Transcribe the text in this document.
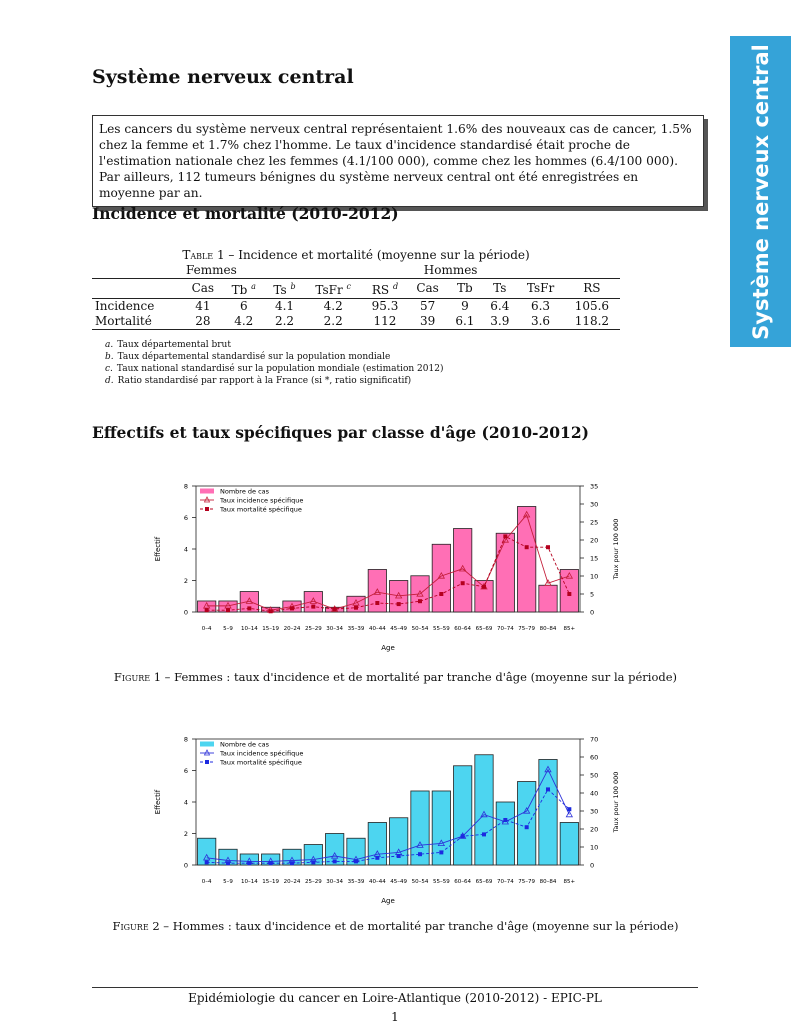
Système nerveux central
Système nerveux central

Les cancers du système nerveux central représentaient 1.6% des nouveaux cas de cancer, 1.5% chez la femme et 1.7% chez l'homme. Le taux d'incidence standardisé était proche de l'estimation nationale chez les femmes (4.1/100 000), comme chez les hommes (6.4/100 000).

Par ailleurs, 112 tumeurs bénignes du système nerveux central ont été enregistrées en moyenne par an.

Incidence et mortalité (2010-2012)
Table 1 – Incidence et mortalité (moyenne sur la période)
	Femmes					Hommes				
	Cas	Tb $^a$	Ts $^b$	TsFr $^c$	RS $^d$	Cas	Tb	Ts	TsFr	RS
Incidence	41	6	4.1	4.2	95.3	57	9	6.4	6.3	105.6
Mortalité	28	4.2	2.2	2.2	112	39	6.1	3.9	3.6	118.2
a. Taux départemental brut
b. Taux départemental standardisé sur la population mondiale
c. Taux national standardisé sur la population mondiale (estimation 2012)
d. Ratio standardisé par rapport à la France (si *, ratio significatif)
Effectifs et taux spécifiques par classe d'âge (2010-2012)
0
2
4
6
8
0
5
10
15
20
25
30
35
0–4 5–9 10–14 15–19 20–24 25–29 30–34 35–39 40–44 45–49 50–54 55–59 60–64 65–69 70–74 75–79 80–84 85+
Age
Effectif	Taux pour 100 000
Nombre de cas
Taux incidence spécifique
Taux mortalité spécifique
Figure 1 – Femmes : taux d'incidence et de mortalité par tranche d'âge (moyenne sur la période)
0
2
4
6
8
0
10
20
30
40
50
60
70
0–4 5–9 10–14 15–19 20–24 25–29 30–34 35–39 40–44 45–49 50–54 55–59 60–64 65–69 70–74 75–79 80–84 85+
Age
Effectif	Taux pour 100 000
Nombre de cas
Taux incidence spécifique
Taux mortalité spécifique
Figure 2 – Hommes : taux d'incidence et de mortalité par tranche d'âge (moyenne sur la période)
Epidémiologie du cancer en Loire-Atlantique (2010-2012) - EPIC-PL
1
